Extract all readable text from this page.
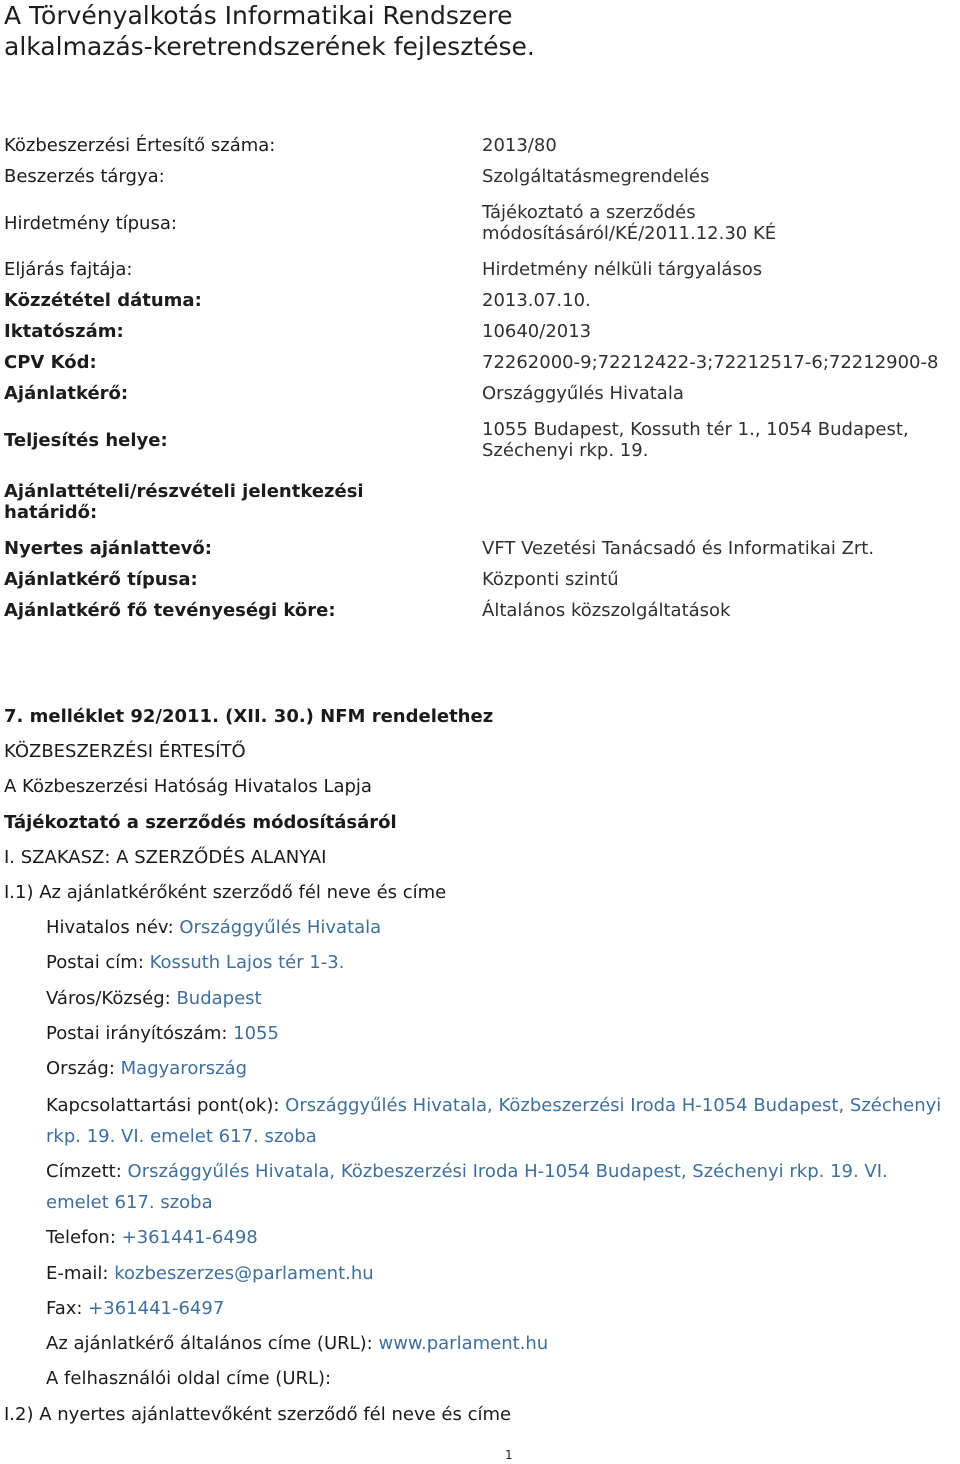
A Törvényalkotás Informatikai Rendszere
alkalmazás-keretrendszerének fejlesztése.
Közbeszerzési Értesítő száma:	2013/80
Beszerzés tárgya:	Szolgáltatásmegrendelés
Hirdetmény típusa:	Tájékoztató a szerződés
módosításáról/KÉ/2011.12.30 KÉ

Eljárás fajtája:	Hirdetmény nélküli tárgyalásos
Közzététel dátuma:	2013.07.10.
Iktatószám:	10640/2013
CPV Kód:	72262000-9;72212422-3;72212517-6;72212900-8
Ajánlatkérő:	Országgyűlés Hivatala
Teljesítés helye:	1055 Budapest, Kossuth tér 1., 1054 Budapest,
Széchenyi rkp. 19.

Ajánlattételi/részvételi jelentkezési
határidő:	

Nyertes ajánlattevő:	VFT Vezetési Tanácsadó és Informatikai Zrt.
Ajánlatkérő típusa:	Központi szintű
Ajánlatkérő fő tevényeségi köre:	Általános közszolgáltatások
7. melléklet 92/2011. (XII. 30.) NFM rendelethez
KÖZBESZERZÉSI ÉRTESÍTŐ
A Közbeszerzési Hatóság Hivatalos Lapja
Tájékoztató a szerződés módosításáról
I. SZAKASZ: A SZERZŐDÉS ALANYAI
I.1) Az ajánlatkérőként szerződő fél neve és címe
Hivatalos név: Országgyűlés Hivatala
Postai cím: Kossuth Lajos tér 1-3.
Város/Község: Budapest
Postai irányítószám: 1055
Ország: Magyarország
Kapcsolattartási pont(ok): Országgyűlés Hivatala, Közbeszerzési Iroda H-1054 Budapest, Széchenyi rkp. 19. VI. emelet 617. szoba
Címzett: Országgyűlés Hivatala, Közbeszerzési Iroda H-1054 Budapest, Széchenyi rkp. 19. VI. emelet 617. szoba
Telefon: +361441-6498
E-mail: kozbeszerzes@parlament.hu
Fax: +361441-6497
Az ajánlatkérő általános címe (URL): www.parlament.hu
A felhasználói oldal címe (URL):
I.2) A nyertes ajánlattevőként szerződő fél neve és címe
1
